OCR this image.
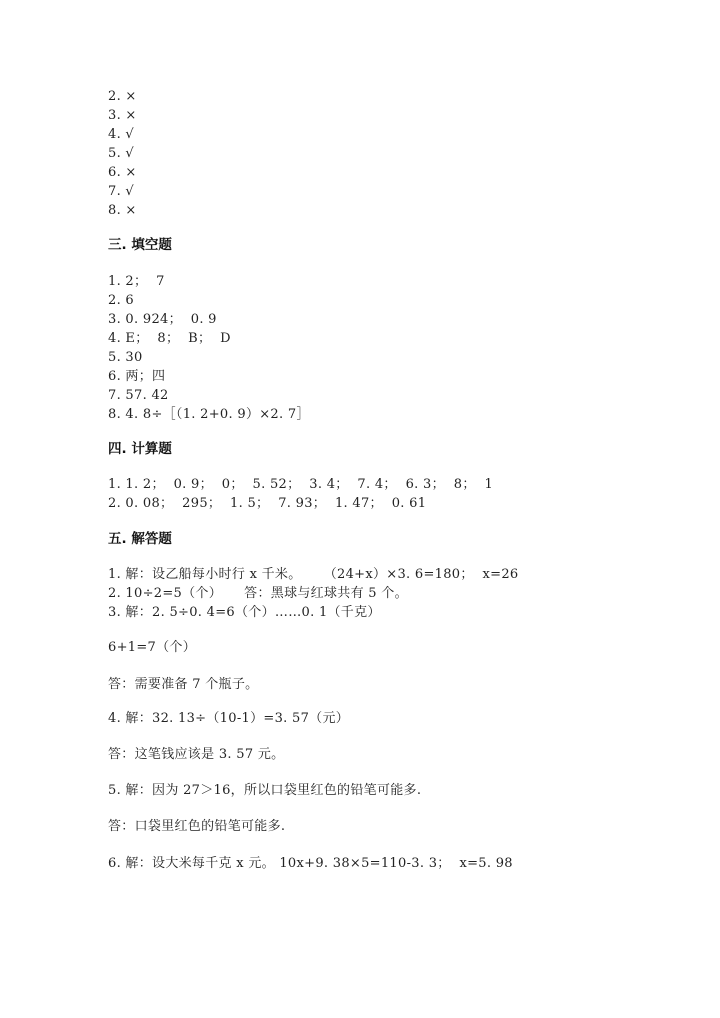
2. ×

3. ×

4. √

5. √

6. ×

7. √

8. ×

三. 填空题

1. 2；  7

2. 6

3. 0. 924；  0. 9

4. E；  8；  B；  D

5. 30

6. 两；四

7. 57. 42

8. 4. 8÷［（1. 2+0. 9）×2. 7］

四. 计算题

1. 1. 2；  0. 9；  0；  5. 52；  3. 4；  7. 4；  6. 3；  8；  1

2. 0. 08；  295；  1. 5；  7. 93；  1. 47；  0. 61

五. 解答题

1. 解：设乙船每小时行 x 千米。     （24+x）×3. 6=180；  x=26

2. 10÷2=5（个）     答：黑球与红球共有 5 个。

3. 解：2. 5÷0. 4=6（个）……0. 1（千克）

6+1=7（个）

答：需要准备 7 个瓶子。

4. 解：32. 13÷（10-1）=3. 57（元）

答：这笔钱应该是 3. 57 元。

5. 解：因为 27＞16，所以口袋里红色的铅笔可能多.

答：口袋里红色的铅笔可能多.

6. 解：设大米每千克 x 元。 10x+9. 38×5=110-3. 3；  x=5. 98
